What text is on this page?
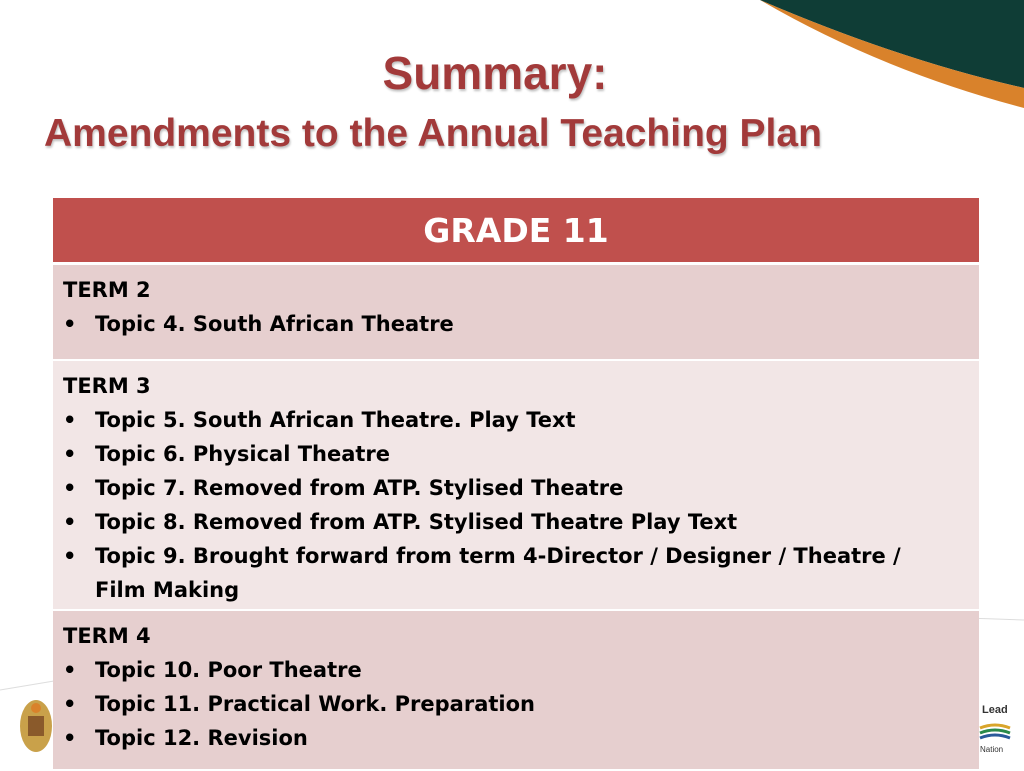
Summary:
Amendments to the Annual Teaching Plan
GRADE 11
TERM 2
• Topic 4. South African Theatre
TERM 3
• Topic 5. South African Theatre. Play Text
• Topic 6. Physical Theatre
• Topic 7. Removed from ATP. Stylised Theatre
• Topic 8. Removed from ATP. Stylised Theatre Play Text
• Topic 9. Brought forward from term 4-Director / Designer / Theatre /
Film Making
TERM 4
• Topic 10. Poor Theatre
• Topic 11. Practical Work. Preparation
• Topic 12. Revision
Lead
Nation
